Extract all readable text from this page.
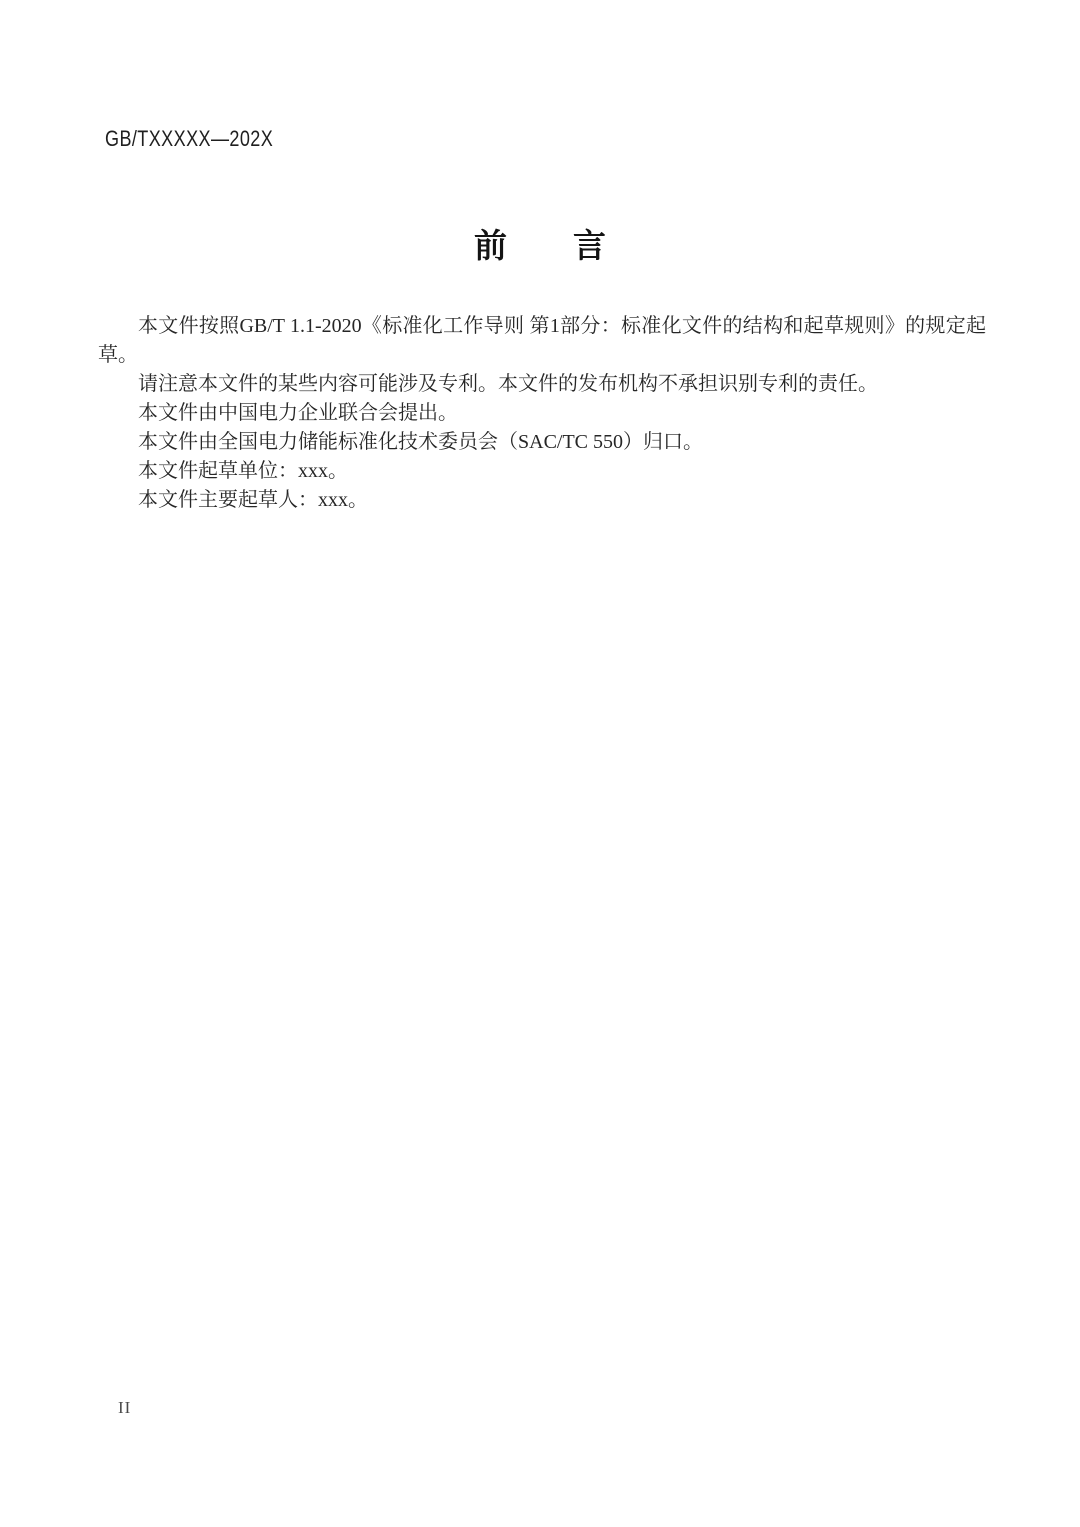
GB/TXXXXX—202X
前　　言

本文件按照GB/T 1.1-2020《标准化工作导则 第1部分：标准化文件的结构和起草规则》的规定起草。

请注意本文件的某些内容可能涉及专利。本文件的发布机构不承担识别专利的责任。

本文件由中国电力企业联合会提出。

本文件由全国电力储能标准化技术委员会（SAC/TC 550）归口。

本文件起草单位：xxx。

本文件主要起草人：xxx。

II
